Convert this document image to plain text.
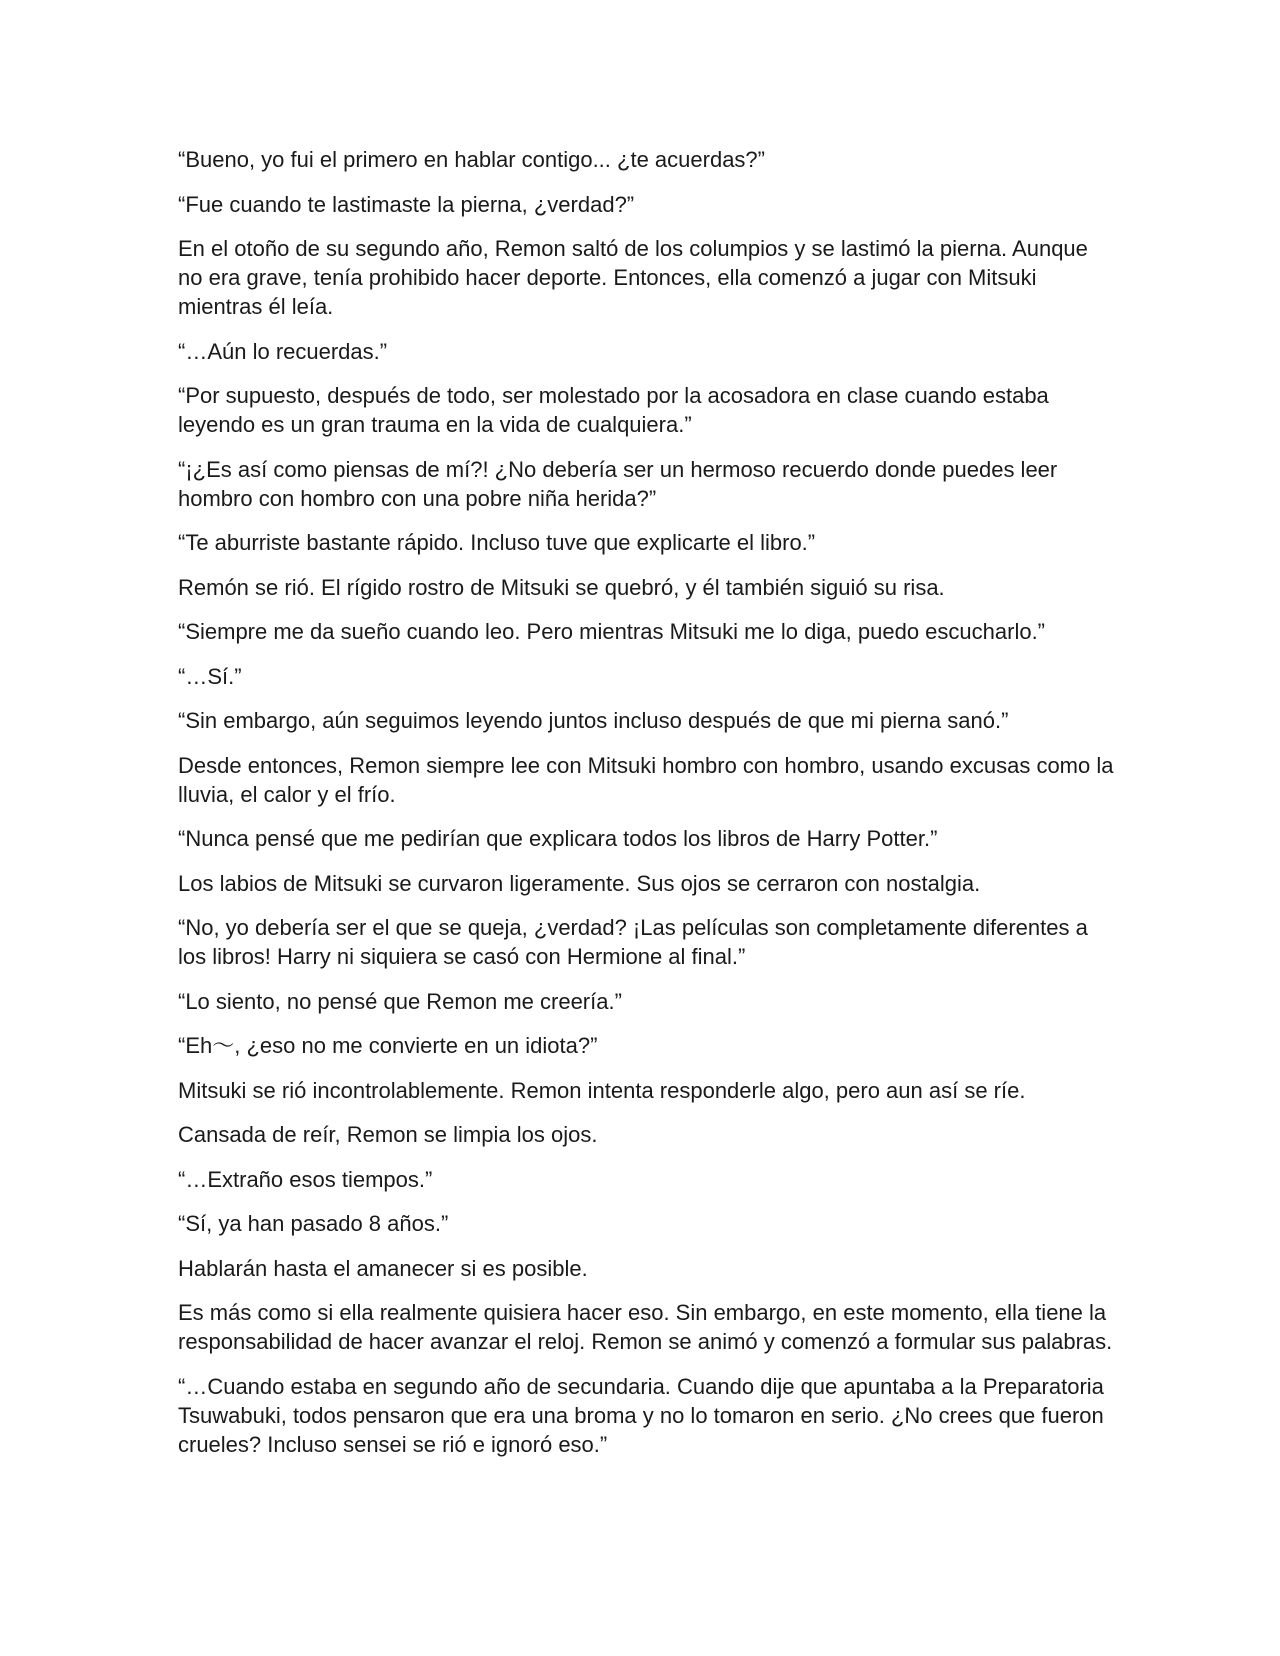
“Bueno, yo fui el primero en hablar contigo... ¿te acuerdas?”

“Fue cuando te lastimaste la pierna, ¿verdad?”

En el otoño de su segundo año, Remon saltó de los columpios y se lastimó la pierna. Aunque no era grave, tenía prohibido hacer deporte. Entonces, ella comenzó a jugar con Mitsuki mientras él leía.

“…Aún lo recuerdas.”

“Por supuesto, después de todo, ser molestado por la acosadora en clase cuando estaba leyendo es un gran trauma en la vida de cualquiera.”

“¡¿Es así como piensas de mí?! ¿No debería ser un hermoso recuerdo donde puedes leer hombro con hombro con una pobre niña herida?”

“Te aburriste bastante rápido. Incluso tuve que explicarte el libro.”

Remón se rió. El rígido rostro de Mitsuki se quebró, y él también siguió su risa.

“Siempre me da sueño cuando leo. Pero mientras Mitsuki me lo diga, puedo escucharlo.”

“…Sí.”

“Sin embargo, aún seguimos leyendo juntos incluso después de que mi pierna sanó.”

Desde entonces, Remon siempre lee con Mitsuki hombro con hombro, usando excusas como la lluvia, el calor y el frío.

“Nunca pensé que me pedirían que explicara todos los libros de Harry Potter.”

Los labios de Mitsuki se curvaron ligeramente. Sus ojos se cerraron con nostalgia.

“No, yo debería ser el que se queja, ¿verdad? ¡Las películas son completamente diferentes a los libros! Harry ni siquiera se casó con Hermione al final.”

“Lo siento, no pensé que Remon me creería.”

“Eh～, ¿eso no me convierte en un idiota?”

Mitsuki se rió incontrolablemente. Remon intenta responderle algo, pero aun así se ríe.

Cansada de reír, Remon se limpia los ojos.

“…Extraño esos tiempos.”

“Sí, ya han pasado 8 años.”

Hablarán hasta el amanecer si es posible.

Es más como si ella realmente quisiera hacer eso. Sin embargo, en este momento, ella tiene la responsabilidad de hacer avanzar el reloj. Remon se animó y comenzó a formular sus palabras.

“…Cuando estaba en segundo año de secundaria. Cuando dije que apuntaba a la Preparatoria Tsuwabuki, todos pensaron que era una broma y no lo tomaron en serio. ¿No crees que fueron crueles? Incluso sensei se rió e ignoró eso.”
